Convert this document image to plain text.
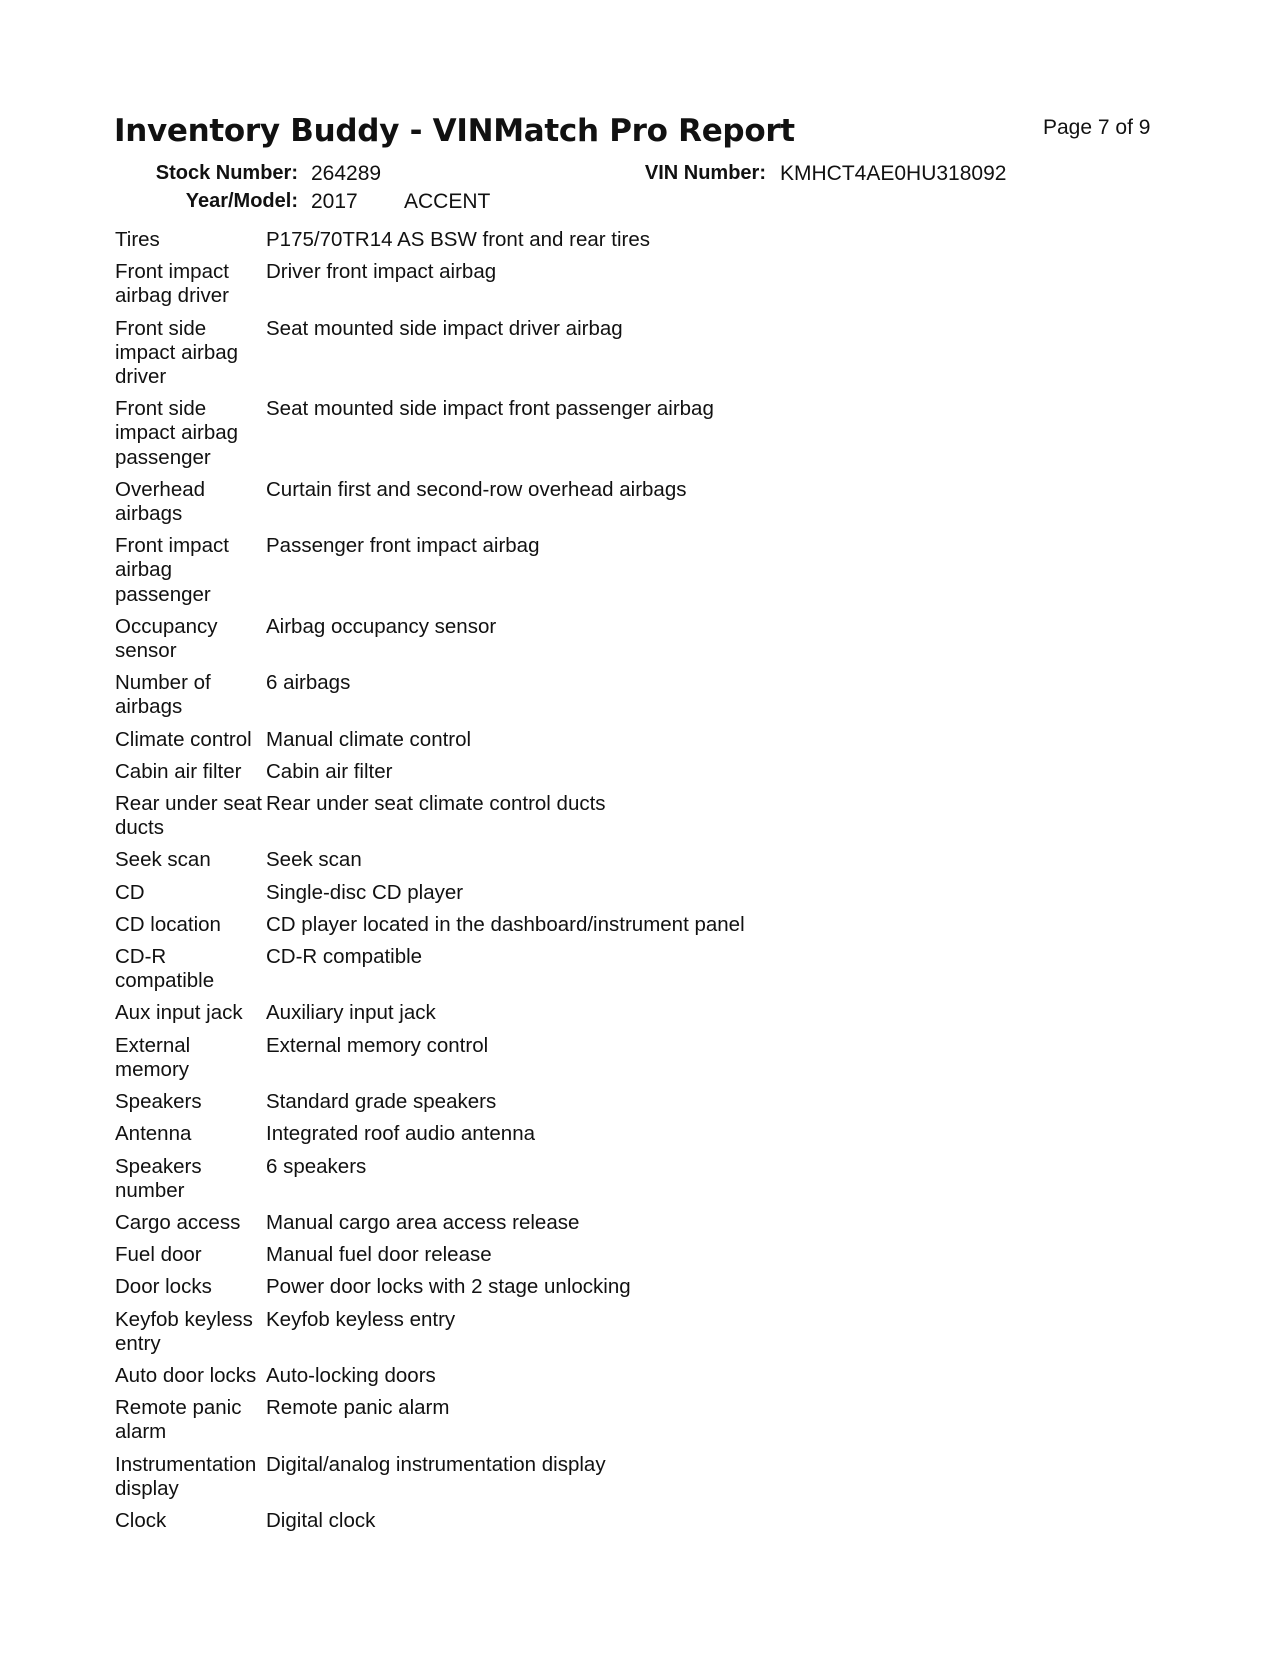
Inventory Buddy - VINMatch Pro Report	Page 7 of 9
Stock Number: 264289	VIN Number: KMHCT4AE0HU318092
Year/Model: 2017 ACCENT
Tires	P175/70TR14 AS BSW front and rear tires
Front impact airbag driver	Driver front impact airbag
Front side impact airbag driver	Seat mounted side impact driver airbag
Front side impact airbag passenger	Seat mounted side impact front passenger airbag
Overhead airbags	Curtain first and second-row overhead airbags
Front impact airbag passenger	Passenger front impact airbag
Occupancy sensor	Airbag occupancy sensor
Number of airbags	6 airbags
Climate control	Manual climate control
Cabin air filter	Cabin air filter
Rear under seat ducts	Rear under seat climate control ducts
Seek scan	Seek scan
CD	Single-disc CD player
CD location	CD player located in the dashboard/instrument panel
CD-R compatible	CD-R compatible
Aux input jack	Auxiliary input jack
External memory	External memory control
Speakers	Standard grade speakers
Antenna	Integrated roof audio antenna
Speakers number	6 speakers
Cargo access	Manual cargo area access release
Fuel door	Manual fuel door release
Door locks	Power door locks with 2 stage unlocking
Keyfob keyless entry	Keyfob keyless entry
Auto door locks	Auto-locking doors
Remote panic alarm	Remote panic alarm
Instrumentation display	Digital/analog instrumentation display
Clock	Digital clock
